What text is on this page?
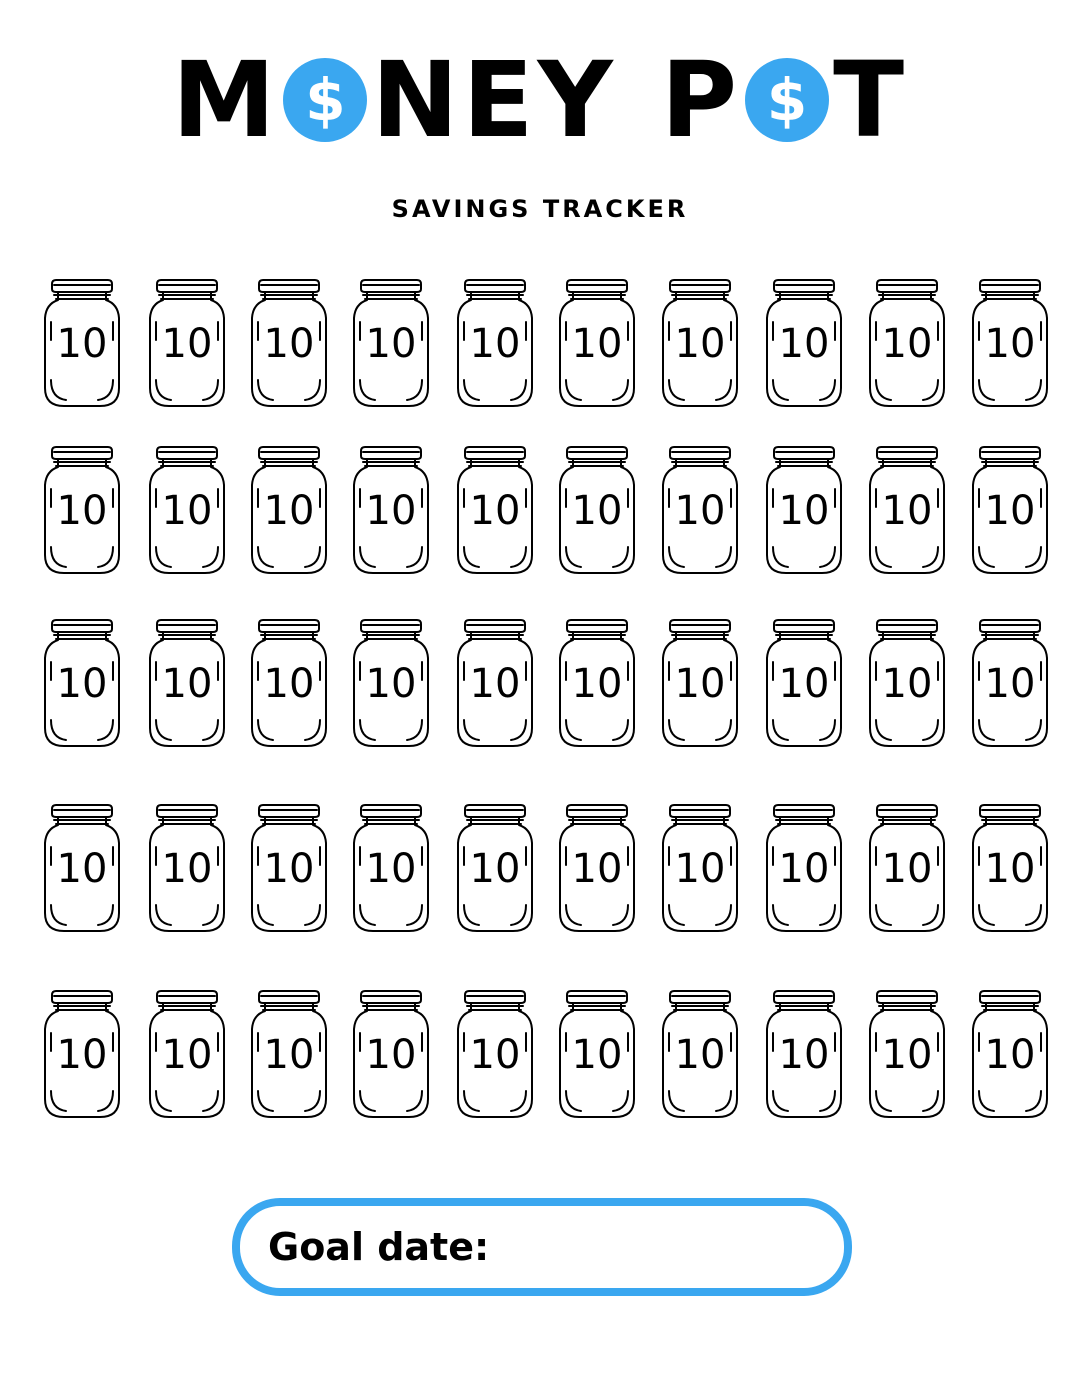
M $ NEY P $ T
SAVINGS TRACKER
10	10	10	10	10	10	10	10	10	10
10	10	10	10	10	10	10	10	10	10
10	10	10	10	10	10	10	10	10	10
10	10	10	10	10	10	10	10	10	10
10	10	10	10	10	10	10	10	10	10
Goal date:
